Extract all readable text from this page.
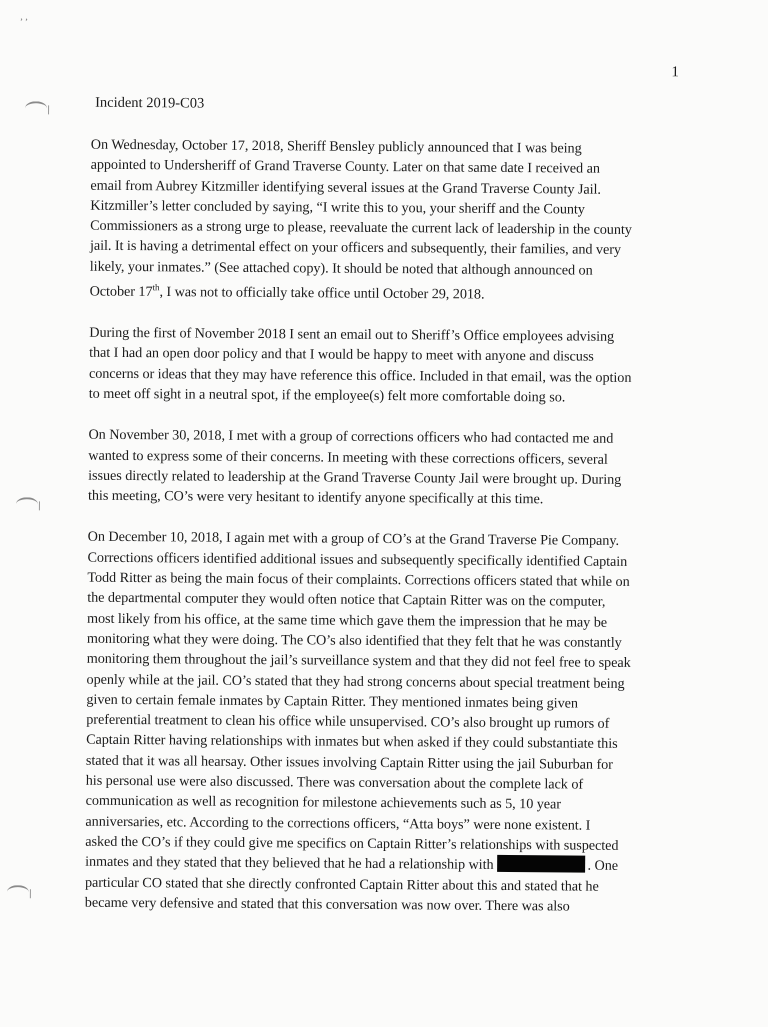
’ ’
1
Incident 2019-C03

On Wednesday, October 17, 2018, Sheriff Bensley publicly announced that I was being
appointed to Undersheriff of Grand Traverse County. Later on that same date I received an
email from Aubrey Kitzmiller identifying several issues at the Grand Traverse County Jail.
Kitzmiller’s letter concluded by saying, “I write this to you, your sheriff and the County
Commissioners as a strong urge to please, reevaluate the current lack of leadership in the county
jail. It is having a detrimental effect on your officers and subsequently, their families, and very
likely, your inmates.” (See attached copy). It should be noted that although announced on
October 17th, I was not to officially take office until October 29, 2018.

During the first of November 2018 I sent an email out to Sheriff’s Office employees advising
that I had an open door policy and that I would be happy to meet with anyone and discuss
concerns or ideas that they may have reference this office. Included in that email, was the option
to meet off sight in a neutral spot, if the employee(s) felt more comfortable doing so.

On November 30, 2018, I met with a group of corrections officers who had contacted me and
wanted to express some of their concerns. In meeting with these corrections officers, several
issues directly related to leadership at the Grand Traverse County Jail were brought up. During
this meeting, CO’s were very hesitant to identify anyone specifically at this time.

On December 10, 2018, I again met with a group of CO’s at the Grand Traverse Pie Company.
Corrections officers identified additional issues and subsequently specifically identified Captain
Todd Ritter as being the main focus of their complaints. Corrections officers stated that while on
the departmental computer they would often notice that Captain Ritter was on the computer,
most likely from his office, at the same time which gave them the impression that he may be
monitoring what they were doing. The CO’s also identified that they felt that he was constantly
monitoring them throughout the jail’s surveillance system and that they did not feel free to speak
openly while at the jail. CO’s stated that they had strong concerns about special treatment being
given to certain female inmates by Captain Ritter. They mentioned inmates being given
preferential treatment to clean his office while unsupervised. CO’s also brought up rumors of
Captain Ritter having relationships with inmates but when asked if they could substantiate this
stated that it was all hearsay. Other issues involving Captain Ritter using the jail Suburban for
his personal use were also discussed. There was conversation about the complete lack of
communication as well as recognition for milestone achievements such as 5, 10 year
anniversaries, etc. According to the corrections officers, “Atta boys” were none existent. I
asked the CO’s if they could give me specifics on Captain Ritter’s relationships with suspected
inmates and they stated that they believed that he had a relationship with	. One
particular CO stated that she directly confronted Captain Ritter about this and stated that he
became very defensive and stated that this conversation was now over. There was also
